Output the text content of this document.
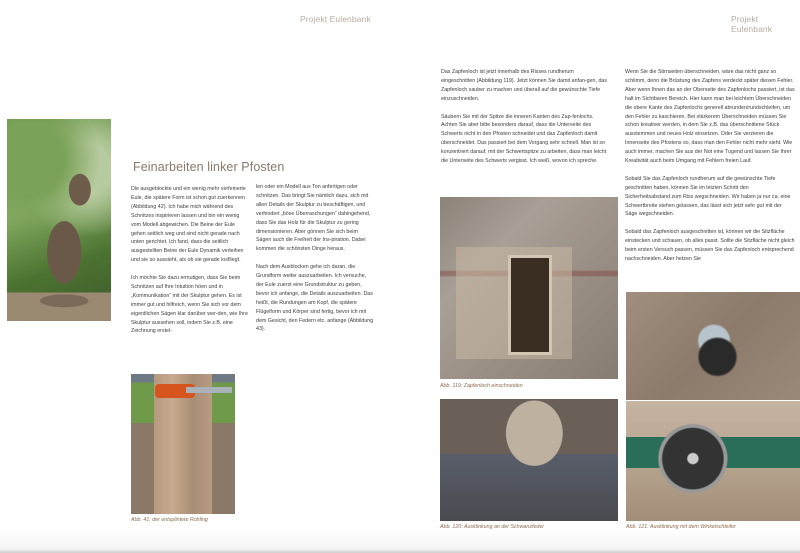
Projekt Eulenbank
Feinarbeiten linker Pfosten

Die ausgeblockte und ein wenig mehr verfeinerte Eule, die spätere Form ist schon gut zuerkennen (Abbildung 42). Ich habe mich während des Schnitzes inspirieren lassen und bin ein wenig vom Modell abgewichen. Die Beine der Eule gehen seitlich weg und sind nicht gerade nach unten gerichtet. Ich fand, dass die seitlich ausgestellten Beine der Eule Dynamik verleihen und sie so aussieht, als ob sie gerade losfliegt.

Ich möchte Sie dazu ermutigen, dass Sie beim Schnitzen auf Ihre Intuition höen und in „Kommunikation“ mit der Skulptur gehen. Es ist immer gut und hilfreich, wenn Sie sich vor dem eigentlichen Sägen klar darüber wer-den, wie Ihre Skulptur aussehen soll, indem Sie z.B. eine Zeichnung erstel-

len oder ein Modell aus Ton anfertigen oder schnitzen. Das bringt Sie nämlich dazu, sich mit allen Details der Skulptur zu beschäftigen, und verhindert „böse Überraschungen“ dahingehend, dass Sie das Holz für die Skulptur zu gering dimensionieren. Aber gönnen Sie sich beim Sägen auch die Freiheit der Ins-piration. Dabei kommen die schönsten Dinge heraus.

Nach dem Ausblocken gehe ich daran, die Grundform weiter auszuarbeiten. Ich versuche, der Eule zuerst eine Grundstruktur zu geben, bevor ich anfange, die Details auszuarbeiten. Das heißt, die Rundungen am Kopf, die spätere Flügelform und Körper sind fertig, bevor ich mit dem Gesicht, den Federn etc. anfange (Abbildung 43).

Abb. 41: der entsplintete Rohling
Projekt Eulenbank

Das Zapfenloch ist jetzt innerhalb des Risses rundherum eingeschnitten (Abbildung 119). Jetzt können Sie damit anfan-gen, das Zapfenloch sauber zu machen und überall auf die gewünschte Tiefe einzuschneiden.

Säubern Sie mit der Spitze die inneren Kanten des Zap-fenlochs. Achten Sie aber bitte besonders darauf, dass die Unterseite des Schwerts nicht in den Pfosten schneidet und das Zapfenloch damit überschneidet. Das passiert bei dem Vorgang sehr schnell. Man ist so konzentriert darauf, mit der Schwertspitze zu arbeiten, dass man leicht die Unterseite des Schwerts vergisst. Ich weiß, wovon ich spreche.

Wenn Sie die Stirnseiten überschneiden, wäre das nicht ganz so schlimm, denn die Brüstung des Zapfens verdeckt später diesen Fehler. Aber wenn Ihnen das an der Oberseite des Zapfenlochs passiert, ist das halt im Sichtbaren Bereich. Hier kann man bei leichtem Überschneiden die obere Kante des Zapfenlochs generell abrunden/rundschleifen, um den Fehler zu kaschieren. Bei stärkerem Überschneiden müssen Sie schon kreativer werden, in dem Sie z.B. das überschnittene Stück ausstemmen und neues Holz einsetzen. Oder Sie verzieren die Innenseite des Pfostens so, dass man den Fehler nicht mehr sieht. Wie auch immer, machen Sie aus der Not eine Tugend und lassen Sie Ihrer Kreativität auch beim Umgang mit Fehlern freien Lauf.

Sobald Sie das Zapfenloch rundherum auf die gewünschte Tiefe geschnitten haben, können Sie im letzten Schritt den Sicherheitsabstand zum Riss wegschneiden. Wir haben ja nur ca. eine Schwertbreite stehen gelassen, das lässt sich jetzt sehr gut mit der Säge wegschneiden.

Sobald das Zapfenloch ausgeschnitten ist, können wir die Sitzfläche einstecken und schauen, ob alles passt. Sollte die Sitzfläche nicht gleich beim ersten Versuch passen, müssen Sie das Zapfenloch entsprechend nachschneiden. Aber hetzen Sie

Abb. 119: Zapfenloch einschneiden
Abb. 120: Ausklinkung an der Schwanzfeder	Abb. 121: Ausklinkung mit dem Winkelschleifer
